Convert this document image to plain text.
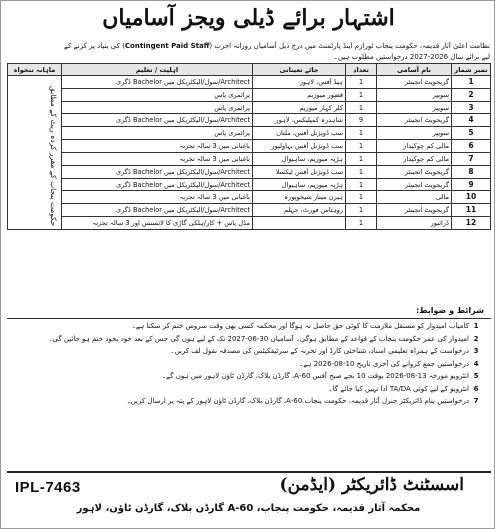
اشتہار برائے ڈیلی ویجز آسامیاں
نظامت اعلیٰ آثار قدیمہ، حکومت پنجاب ٹورازم اینڈ پارٹمنٹ میں درج ذیل آسامیاں روزانہ اجرت (Contingent Paid Staff) کی بنیاد پر کرنے کے
لیے برائے سال 2026-2027 درخواستیں مطلوب ہیں۔
نمبر شمار	نام آسامی	تعداد	جائے تعیناتی	اہلیت / تعلیم	ماہانہ تنخواہ
1	گریجویٹ انجینئر	1	ہیڈ آفس، لاہور	Architect/سول/الیکٹریکل میں Bachelor ڈگری	حکومت پنجاب کے مقرر کردہ ریٹ کے مطابق
2	سویپر	1	قصور میوزیم	پرائمری پاس	
3	سویپر	1	کلر کہار میوزیم	پرائمری پاس	
4	گریجویٹ انجینئر	9	شاہدرہ کمپلیکس، لاہور	Architect/سول/الیکٹریکل میں Bachelor ڈگری	
5	سویپر	1	سب ڈویژنل آفس، ملتان	پرائمری پاس	
6	مالی کم چوکیدار	1	سب ڈویژنل آفس بہاولپور	باغبانی میں 3 سالہ تجربہ	
7	مالی کم چوکیدار	1	ہڑپہ میوزیم، ساہیوال	باغبانی میں 3 سالہ تجربہ	
8	گریجویٹ انجینئر	1	سب ڈویژنل آفس ٹیکسلا	Architect/سول/الیکٹریکل میں Bachelor ڈگری	
9	گریجویٹ انجینئر	1	ہڑپہ میوزیم، ساہیوال	Architect/سول/الیکٹریکل میں Bachelor ڈگری	
10	مالی	1	ہیرن مینار شیخوپورہ	باغبانی میں 3 سالہ تجربہ	
11	گریجویٹ انجینئر	1	روہتاس فورٹ، جہلم	Architect/سول/الیکٹریکل میں Bachelor ڈگری	
12	ڈرائیور	1		مڈل پاس + کار/ہلکی گاڑی کا لائسنس اور 3 سالہ تجربہ	
شرائط و ضوابط:
1
کامیاب امیدوار کو مستقل ملازمت کا کوئی حق حاصل نہ ہوگا اور محکمہ کسی بھی وقت سروس ختم کر سکتا ہے۔
2
امیدوار کی عمر حکومت پنجاب کے قواعد کے مطابق ہوگی۔ آسامیاں 30-06-2027 تک کے لیے ہوں گی جس کے بعد خود بخود ختم ہو جائیں گی۔
3
درخواست کے ہمراہ تعلیمی اسناد، شناختی کارڈ اور تجربہ کے سرٹیفکیٹس کی مصدقہ نقول لف کریں۔
4
درخواستیں جمع کروانے کی آخری تاریخ 10-08-2026 ہے۔
5
انٹرویو مورخہ 13-08-2026 بوقت 10 بجے صبح آفس 60-A، گارڈن بلاک، گارڈن ٹاؤن لاہور میں ہوں گے۔
6
انٹرویو کے لیے کوئی TA/DA ادا نہیں کیا جائے گا۔
7
درخواستیں بنام ڈائریکٹر جنرل آثار قدیمہ، حکومت پنجاب 60-A، گارڈن بلاک، گارڈن ٹاؤن لاہور کے پتہ پر ارسال کریں۔
IPL-7463	اسسٹنٹ ڈائریکٹر (ایڈمن)
محکمہ آثار قدیمہ، حکومت پنجاب، A-60 گارڈن بلاک، گارڈن ٹاؤن، لاہور
